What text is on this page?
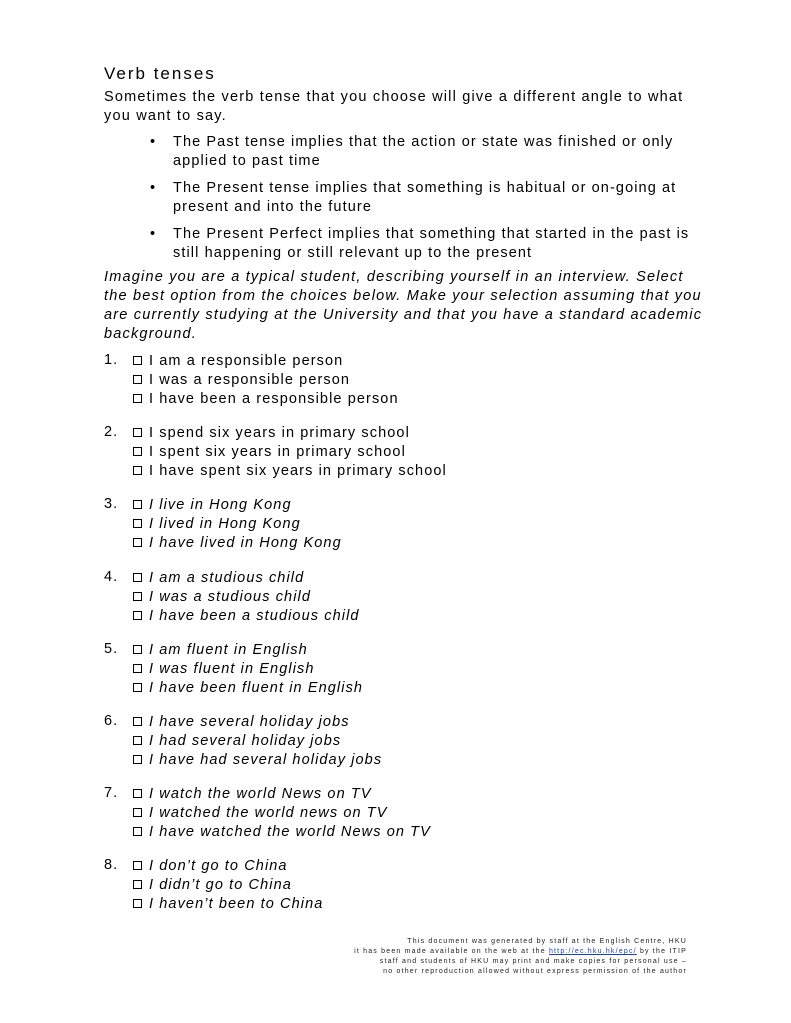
Verb tenses
Sometimes the verb tense that you choose will give a different angle to what you want to say.
• The Past tense implies that the action or state was finished or only applied to past time
• The Present tense implies that something is habitual or on-going at present and into the future
• The Present Perfect implies that something that started in the past is still happening or still relevant up to the present
Imagine you are a typical student, describing yourself in an interview. Select the best option from the choices below. Make your selection assuming that you are currently studying at the University and that you have a standard academic background.
1.	I am a responsible person
I was a responsible person
I have been a responsible person
2.	I spend six years in primary school
I spent six years in primary school
I have spent six years in primary school
3.	I live in Hong Kong
I lived in Hong Kong
I have lived in Hong Kong
4.	I am a studious child
I was a studious child
I have been a studious child
5.	I am fluent in English
I was fluent in English
I have been fluent in English
6.	I have several holiday jobs
I had several holiday jobs
I have had several holiday jobs
7.	I watch the world News on TV
I watched the world news on TV
I have watched the world News on TV
8.	I don’t go to China
I didn’t go to China
I haven’t been to China
This document was generated by staff at the English Centre, HKU
it has been made available on the web at the http://ec.hku.hk/epc/ by the ITIP
staff and students of HKU may print and make copies for personal use –
no other reproduction allowed without express permission of the author
